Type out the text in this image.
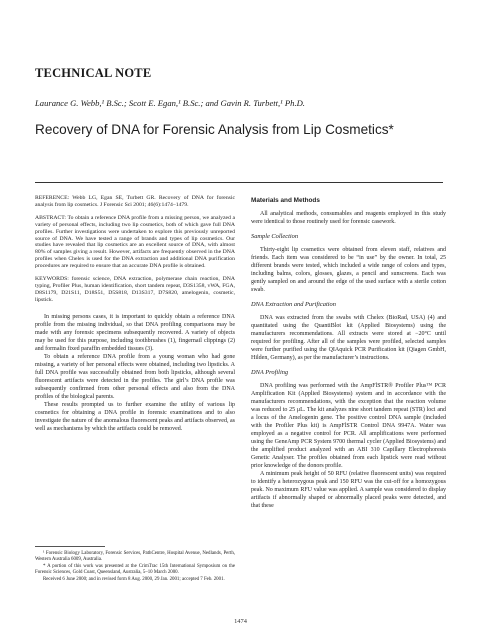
TECHNICAL NOTE
Laurance G. Webb,¹ B.Sc.; Scott E. Egan,¹ B.Sc.; and Gavin R. Turbett,¹ Ph.D.
Recovery of DNA for Forensic Analysis from Lip Cosmetics*

REFERENCE: Webb LG, Egan SE, Turbett GR. Recovery of DNA for forensic analysis from lip cosmetics. J Forensic Sci 2001; 46(6):1474–1479.

ABSTRACT: To obtain a reference DNA profile from a missing person, we analyzed a variety of personal effects, including two lip cosmetics, both of which gave full DNA profiles. Further investigations were undertaken to explore this previously unreported source of DNA. We have tested a range of brands and types of lip cosmetics. Our studies have revealed that lip cosmetics are an excellent source of DNA, with almost 80% of samples giving a result. However, artifacts are frequently observed in the DNA profiles when Chelex is used for the DNA extraction and additional DNA purification procedures are required to ensure that an accurate DNA profile is obtained.

KEYWORDS: forensic science, DNA extraction, polymerase chain reaction, DNA typing, Profiler Plus, human identification, short tandem repeat, D3S1358, vWA, FGA, D8S1179, D21S11, D18S51, D5S818, D13S317, D7S820, amelogenin, cosmetic, lipstick.

In missing persons cases, it is important to quickly obtain a reference DNA profile from the missing individual, so that DNA profiling comparisons may be made with any forensic specimens subsequently recovered. A variety of objects may be used for this purpose, including toothbrushes (1), fingernail clippings (2) and formalin fixed paraffin embedded tissues (3).

To obtain a reference DNA profile from a young woman who had gone missing, a variety of her personal effects were obtained, including two lipsticks. A full DNA profile was successfully obtained from both lipsticks, although several fluorescent artifacts were detected in the profiles. The girl’s DNA profile was subsequently confirmed from other personal effects and also from the DNA profiles of the biological parents.

These results prompted us to further examine the utility of various lip cosmetics for obtaining a DNA profile in forensic examinations and to also investigate the nature of the anomalous fluorescent peaks and artifacts observed, as well as mechanisms by which the artifacts could be removed.

¹ Forensic Biology Laboratory, Forensic Services, PathCentre, Hospital Avenue, Nedlands, Perth, Western Australia 6009, Australia.

* A portion of this work was presented at the CrimTrac 15th International Symposium on the Forensic Sciences, Gold Coast, Queensland, Australia, 5–10 March 2000.

Received 6 June 2000; and in revised form 8 Aug. 2000, 29 Jan. 2001; accepted 7 Feb. 2001.

Materials and Methods

All analytical methods, consumables and reagents employed in this study were identical to those routinely used for forensic casework.

Sample Collection

Thirty-eight lip cosmetics were obtained from eleven staff, relatives and friends. Each item was considered to be “in use” by the owner. In total, 25 different brands were tested, which included a wide range of colors and types, including balms, colors, glosses, glazes, a pencil and sunscreens. Each was gently sampled on and around the edge of the used surface with a sterile cotton swab.

DNA Extraction and Purification

DNA was extracted from the swabs with Chelex (BioRad, USA) (4) and quantitated using the QuantiBlot kit (Applied Biosystems) using the manufacturers recommendations. All extracts were stored at −20°C until required for profiling. After all of the samples were profiled, selected samples were further purified using the QIAquick PCR Purification kit (Qiagen GmbH, Hilden, Germany), as per the manufacturer’s instructions.

DNA Profiling

DNA profiling was performed with the AmpFlSTR® Profiler Plus™ PCR Amplification Kit (Applied Biosystems) system and in accordance with the manufacturers recommendations, with the exception that the reaction volume was reduced to 25 μL. The kit analyzes nine short tandem repeat (STR) loci and a locus of the Amelogenin gene. The positive control DNA sample (included with the Profiler Plus kit) is AmpFlSTR Control DNA 9947A. Water was employed as a negative control for PCR. All amplifications were performed using the GeneAmp PCR System 9700 thermal cycler (Applied Biosystems) and the amplified product analyzed with an ABI 310 Capillary Electrophoresis Genetic Analyser. The profiles obtained from each lipstick were read without prior knowledge of the donors profile.

A minimum peak height of 50 RFU (relative fluorescent units) was required to identify a heterozygous peak and 150 RFU was the cut-off for a homozygous peak. No maximum RFU value was applied. A sample was considered to display artifacts if abnormally shaped or abnormally placed peaks were detected, and that these

1474
